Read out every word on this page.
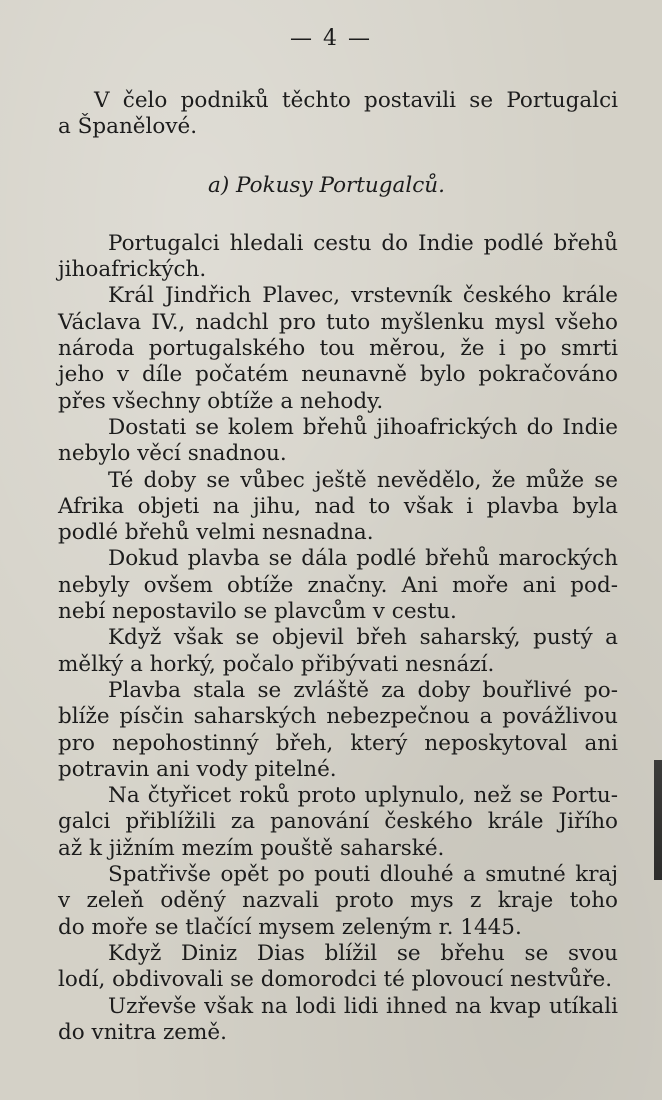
— 4 —
V čelo podniků těchto postavili se Portugalci
a Španělové.
a) Pokusy Portugalců.
Portugalci hledali cestu do Indie podlé břehů
jihoafrických.
Král Jindřich Plavec, vrstevník českého krále
Václava IV., nadchl pro tuto myšlenku mysl všeho
národa portugalského tou měrou, že i po smrti
jeho v díle počatém neunavně bylo pokračováno
přes všechny obtíže a nehody.
Dostati se kolem břehů jihoafrických do Indie
nebylo věcí snadnou.
Té doby se vůbec ještě nevědělo, že může se
Afrika objeti na jihu, nad to však i plavba byla
podlé břehů velmi nesnadna.
Dokud plavba se dála podlé břehů marockých
nebyly ovšem obtíže značny. Ani moře ani pod-
nebí nepostavilo se plavcům v cestu.
Když však se objevil břeh saharský, pustý a
mělký a horký, počalo přibývati nesnází.
Plavba stala se zvláště za doby bouřlivé po-
blíže písčin saharských nebezpečnou a povážlivou
pro nepohostinný břeh, který neposkytoval ani
potravin ani vody pitelné.
Na čtyřicet roků proto uplynulo, než se Portu-
galci přiblížili za panování českého krále Jiřího
až k jižním mezím pouště saharské.
Spatřivše opět po pouti dlouhé a smutné kraj
v zeleň oděný nazvali proto mys z kraje toho
do moře se tlačící mysem zeleným r. 1445.
Když Diniz Dias blížil se břehu se svou
lodí, obdivovali se domorodci té plovoucí nestvůře.
Uzřevše však na lodi lidi ihned na kvap utíkali
do vnitra země.
